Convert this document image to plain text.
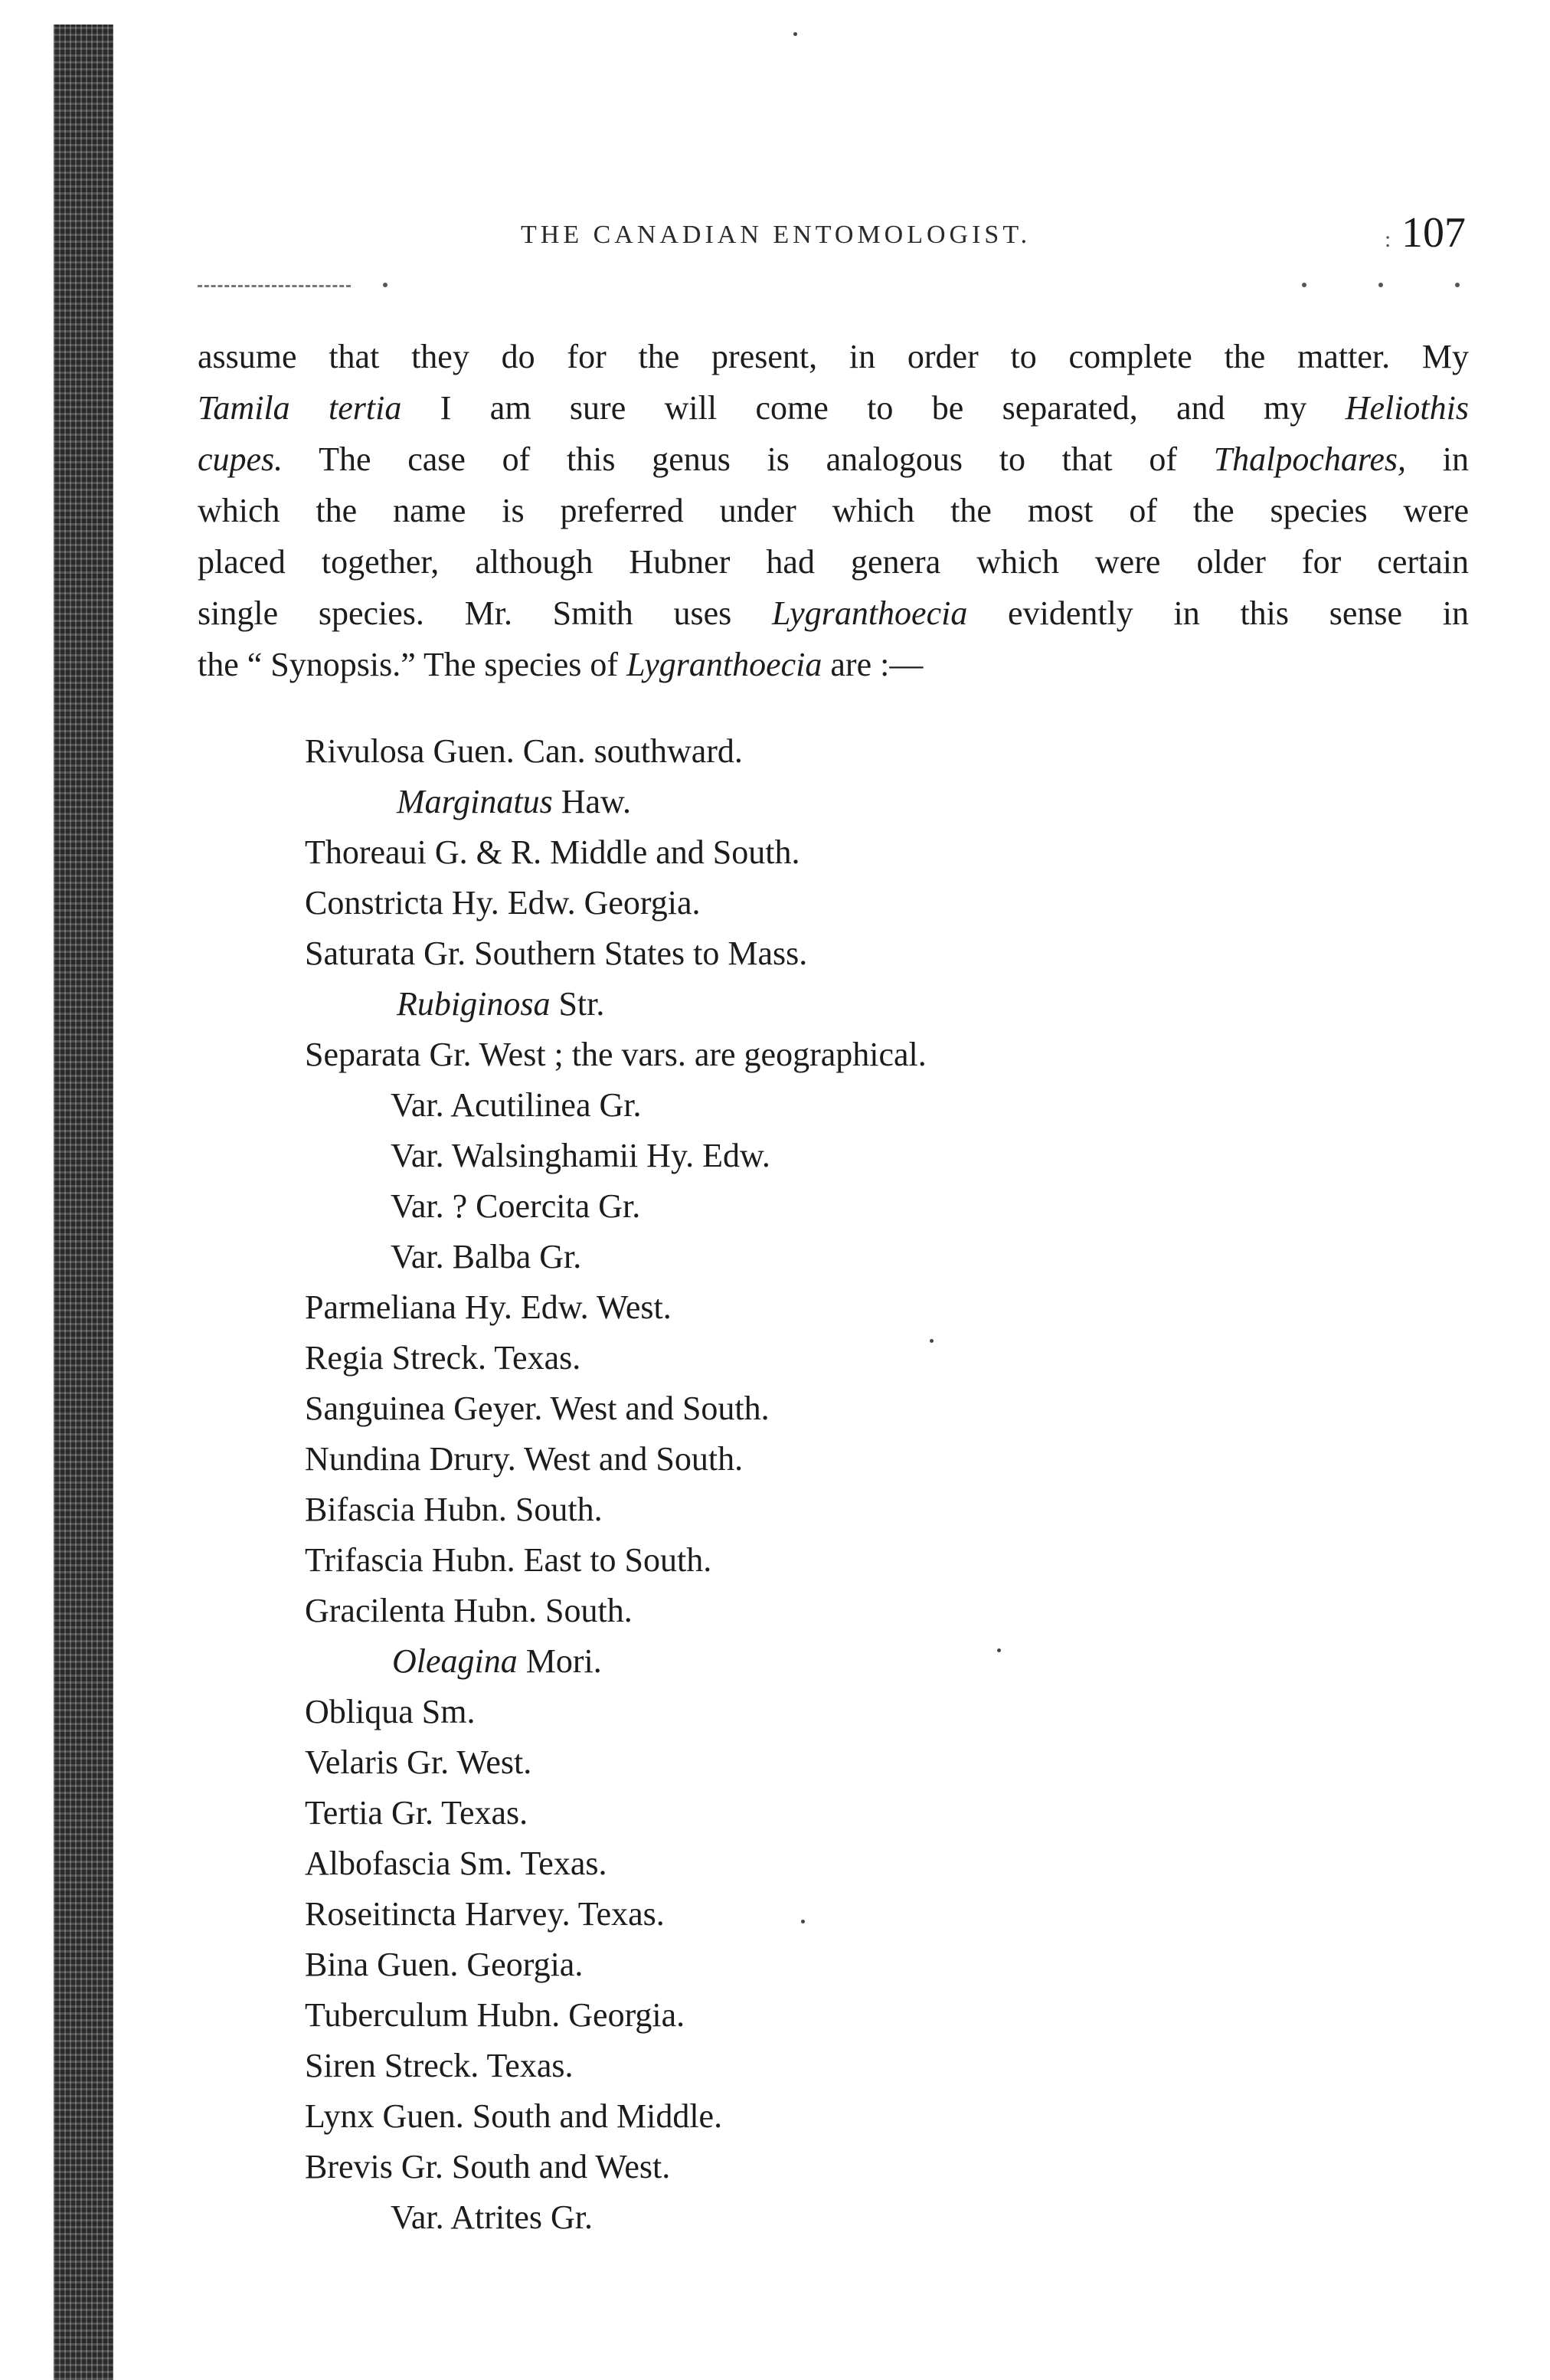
THE CANADIAN ENTOMOLOGIST.	: 107
assume that they do for the present, in order to complete the matter. My
Tamila tertia I am sure will come to be separated, and my Heliothis
cupes. The case of this genus is analogous to that of Thalpochares, in
which the name is preferred under which the most of the species were
placed together, although Hubner had genera which were older for certain
single species. Mr. Smith uses Lygranthoecia evidently in this sense in
the “ Synopsis.” The species of Lygranthoecia are :—
Rivulosa Guen. Can. southward.
Marginatus Haw.
Thoreaui G. & R. Middle and South.
Constricta Hy. Edw. Georgia.
Saturata Gr. Southern States to Mass.
Rubiginosa Str.
Separata Gr. West ; the vars. are geographical.
Var. Acutilinea Gr.
Var. Walsinghamii Hy. Edw.
Var. ? Coercita Gr.
Var. Balba Gr.
Parmeliana Hy. Edw. West.
Regia Streck. Texas.
Sanguinea Geyer. West and South.
Nundina Drury. West and South.
Bifascia Hubn. South.
Trifascia Hubn. East to South.
Gracilenta Hubn. South.
Oleagina Mori.
Obliqua Sm.
Velaris Gr. West.
Tertia Gr. Texas.
Albofascia Sm. Texas.
Roseitincta Harvey. Texas.
Bina Guen. Georgia.
Tuberculum Hubn. Georgia.
Siren Streck. Texas.
Lynx Guen. South and Middle.
Brevis Gr. South and West.
Var. Atrites Gr.
